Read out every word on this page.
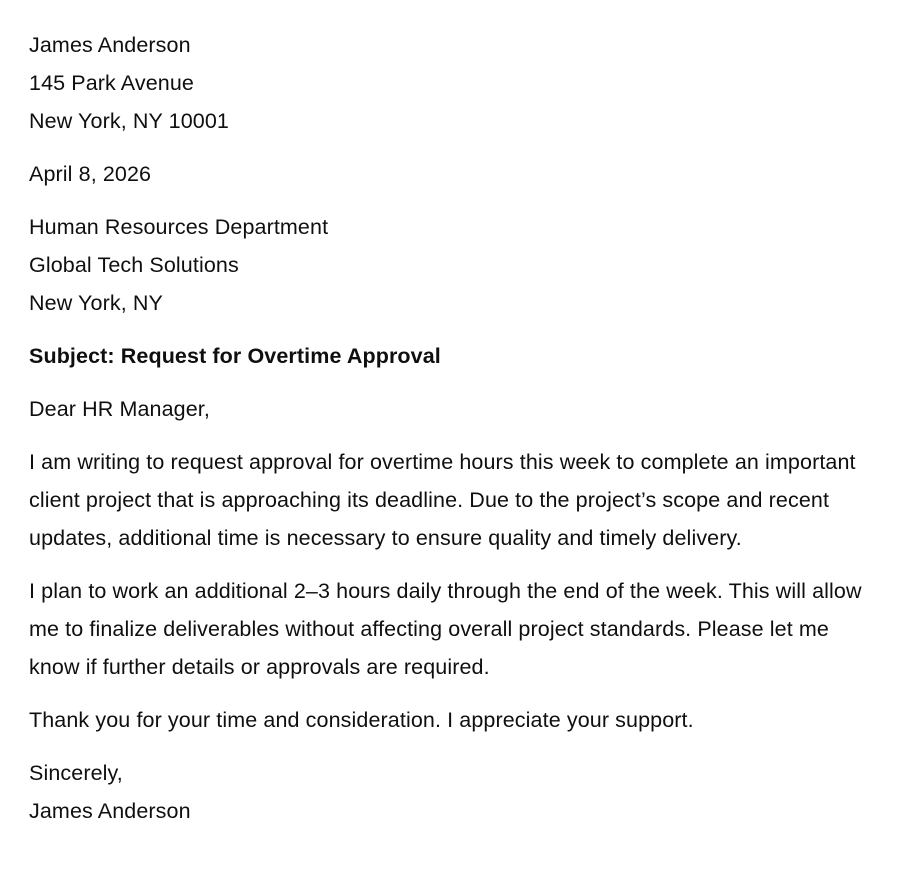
James Anderson
145 Park Avenue
New York, NY 10001
April 8, 2026
Human Resources Department
Global Tech Solutions
New York, NY

Subject: Request for Overtime Approval

Dear HR Manager,

I am writing to request approval for overtime hours this week to complete an important client project that is approaching its deadline. Due to the project’s scope and recent updates, additional time is necessary to ensure quality and timely delivery.

I plan to work an additional 2–3 hours daily through the end of the week. This will allow me to finalize deliverables without affecting overall project standards. Please let me know if further details or approvals are required.

Thank you for your time and consideration. I appreciate your support.

Sincerely,
James Anderson
